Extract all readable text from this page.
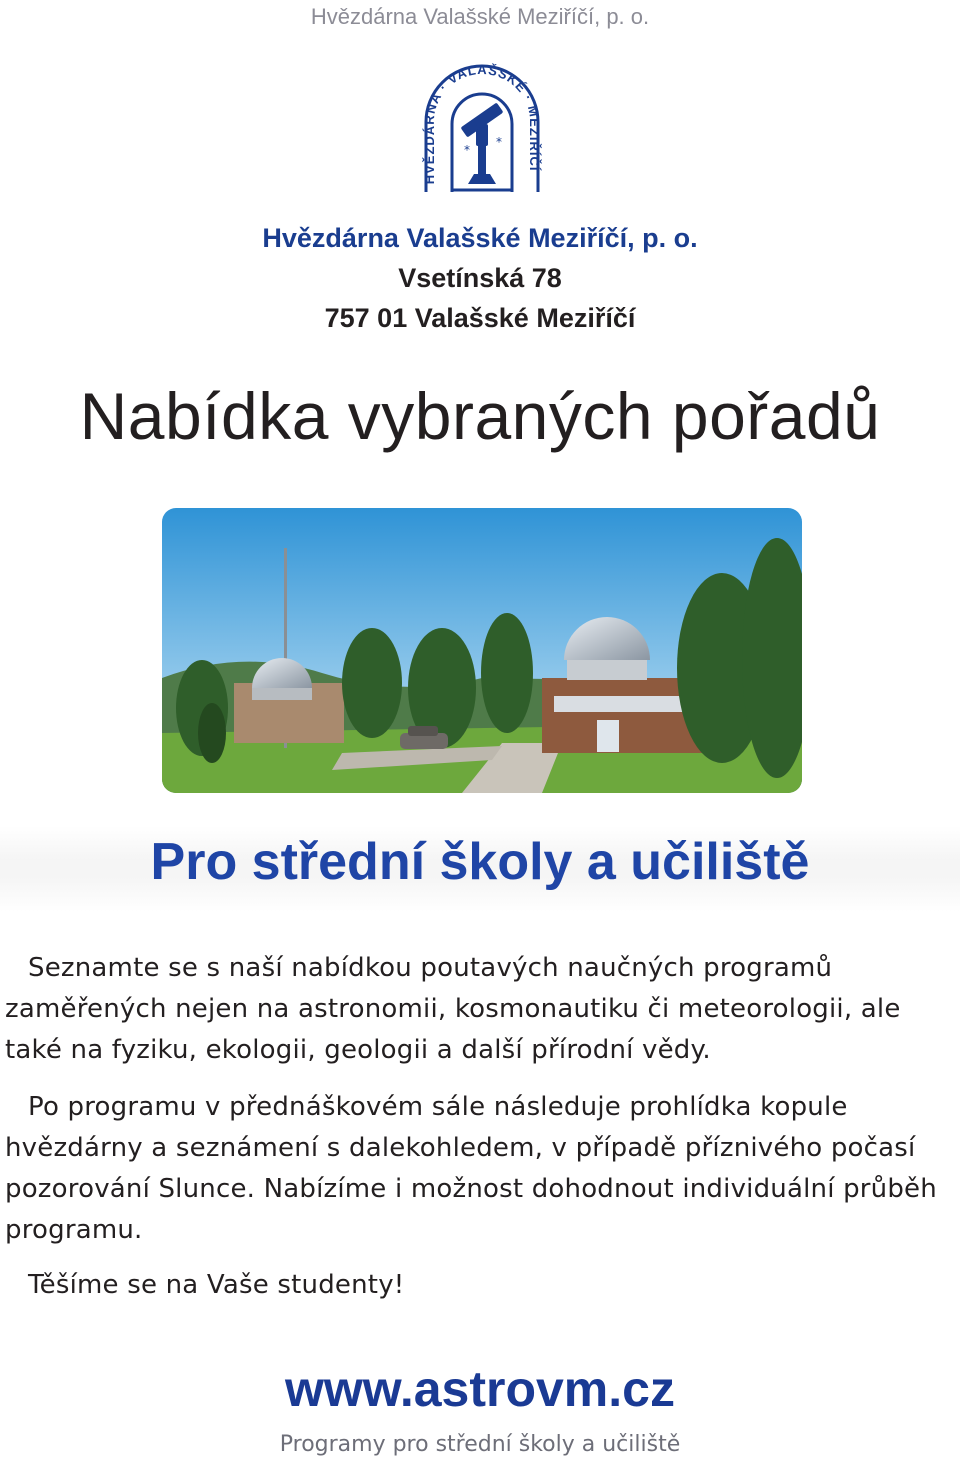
Hvězdárna Valašské Meziříčí, p. o.
HVĚZDÁRNA · VALAŠSKÉ · MEZIŘÍČÍ
*
*
Hvězdárna Valašské Meziříčí, p. o.
Vsetínská 78
757 01 Valašské Meziříčí
Nabídka vybraných pořadů
Pro střední školy a učiliště
Seznamte se s naší nabídkou poutavých naučných programů zaměřených nejen na astronomii, kosmonautiku či meteorologii, ale také na fyziku, ekologii, geologii a další přírodní vědy.
Po programu v přednáškovém sále následuje prohlídka kopule hvězdárny a seznámení s dalekohledem, v případě příznivého počasí pozorování Slunce. Nabízíme i možnost dohodnout individuální průběh programu.
Těšíme se na Vaše studenty!
www.astrovm.cz
Programy pro střední školy a učiliště
